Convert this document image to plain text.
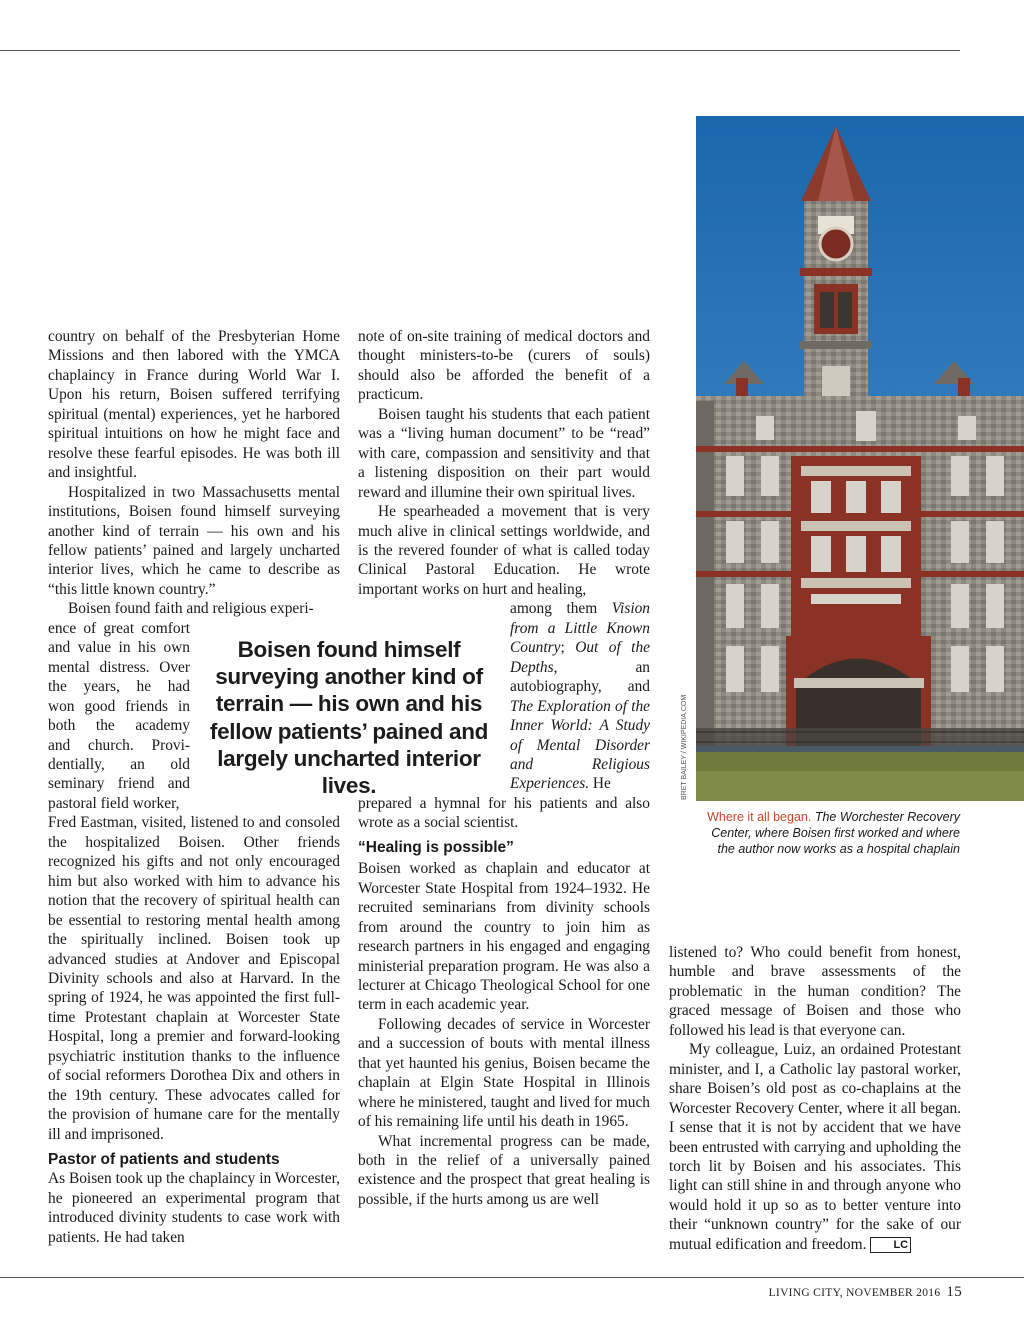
country on behalf of the Presbyterian Home Missions and then labored with the YMCA chaplaincy in France during World War I. Upon his return, Boisen suffered terrifying spiritual (mental) experiences, yet he harbored spiritual intuitions on how he might face and resolve these fearful episodes. He was both ill and insightful.

Hospitalized in two Massachusetts mental institutions, Boisen found himself surveying another kind of terrain — his own and his fellow patients’ pained and largely uncharted interior lives, which he came to describe as “this little known country.”

Boisen found faith and religious experi-

ence of great comfort
and value in his own
mental distress. Over
the years, he had
won good friends in
both the academy
and church. Provi-
dentially, an old
seminary friend and
pastoral field worker,

Fred Eastman, visited, listened to and consoled the hospitalized Boisen. Other friends recognized his gifts and not only encouraged him but also worked with him to advance his notion that the recovery of spiritual health can be essential to restoring mental health among the spiritually inclined. Boisen took up advanced studies at Andover and Episcopal Divinity schools and also at Harvard. In the spring of 1924, he was appointed the first full-time Protestant chaplain at Worcester State Hospital, long a premier and forward-looking psychiatric institution thanks to the influence of social reformers Dorothea Dix and others in the 19th century. These advocates called for the provision of humane care for the mentally ill and imprisoned.

Pastor of patients and students

As Boisen took up the chaplaincy in Worcester, he pioneered an experimental program that introduced divinity students to case work with patients. He had taken

note of on-site training of medical doctors and thought ministers-to-be (curers of souls) should also be afforded the benefit of a practicum.

Boisen taught his students that each patient was a “living human document” to be “read” with care, compassion and sensitivity and that a listening disposition on their part would reward and illumine their own spiritual lives.

He spearheaded a movement that is very much alive in clinical settings worldwide, and is the revered founder of what is called today Clinical Pastoral Education. He wrote important works on hurt and healing,

among them Vision from a Little Known Country; Out of the Depths, an autobiography, and The Exploration of the Inner World: A Study of Mental Disorder and Religious Experiences. He

prepared a hymnal for his patients and also wrote as a social scientist.

“Healing is possible”

Boisen worked as chaplain and educator at Worcester State Hospital from 1924–1932. He recruited seminarians from divinity schools from around the country to join him as research partners in his engaged and engaging ministerial preparation program. He was also a lecturer at Chicago Theological School for one term in each academic year.

Following decades of service in Worcester and a succession of bouts with mental illness that yet haunted his genius, Boisen became the chaplain at Elgin State Hospital in Illinois where he ministered, taught and lived for much of his remaining life until his death in 1965.

What incremental progress can be made, both in the relief of a universally pained existence and the prospect that great healing is possible, if the hurts among us are well

Boisen found himself surveying another kind of terrain — his own and his fellow patients’ pained and largely uncharted interior lives.	BRET BAILEY / WIKIPEDIA.COM
Where it all began. The Worchester Recovery Center, where Boisen first worked and where the author now works as a hospital chaplain

listened to? Who could benefit from honest, humble and brave assessments of the problematic in the human condition? The graced message of Boisen and those who followed his lead is that everyone can.

My colleague, Luiz, an ordained Protestant minister, and I, a Catholic lay pastoral worker, share Boisen’s old post as co-chaplains at the Worcester Recovery Center, where it all began. I sense that it is not by accident that we have been entrusted with carrying and upholding the torch lit by Boisen and his associates. This light can still shine in and through anyone who would hold it up so as to better venture into their “unknown country” for the sake of our mutual edification and freedom. LC

LIVING CITY, NOVEMBER 2016 15
